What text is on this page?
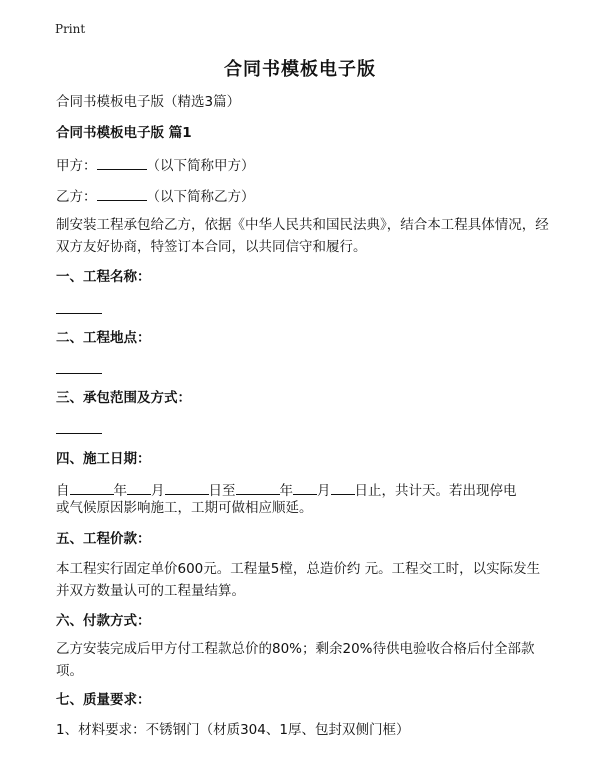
Print
合同书模板电子版
合同书模板电子版（精选3篇）
合同书模板电子版 篇1
甲方：	（以下简称甲方）
乙方：	（以下简称乙方）
制安装工程承包给乙方，依据《中华人民共和国民法典》，结合本工程具体情况，经双方友好协商，特签订本合同，以共同信守和履行。
一、工程名称：
二、工程地点：
三、承包范围及方式：
四、施工日期：
自	年 月	日至	年 月 日止，共计天。若出现停电
或气候原因影响施工，工期可做相应顺延。
五、工程价款：
本工程实行固定单价600元。工程量5樘，总造价约 元。工程交工时，以实际发生并双方数量认可的工程量结算。
六、付款方式：
乙方安装完成后甲方付工程款总价的80%；剩余20%待供电验收合格后付全部款项。
七、质量要求：
1、材料要求：不锈钢门（材质304、1厚、包封双侧门框）
